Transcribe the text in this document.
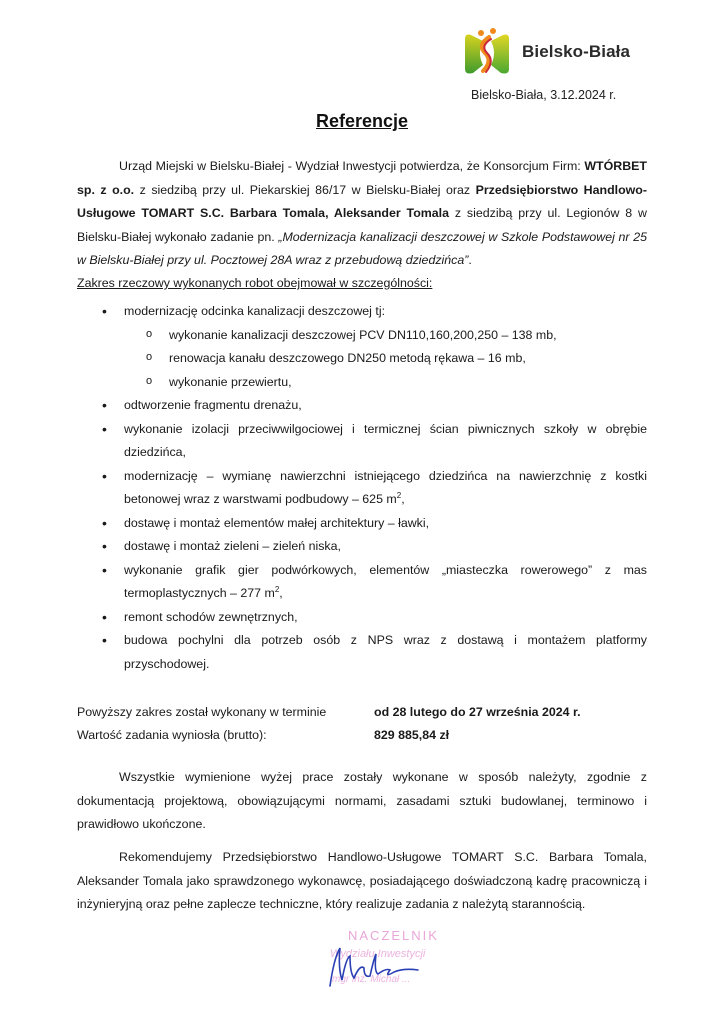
Bielsko-Biała
Bielsko-Biała, 3.12.2024 r.
Referencje
Urząd Miejski w Bielsku-Białej - Wydział Inwestycji potwierdza, że Konsorcjum Firm: WTÓRBET sp. z o.o. z siedzibą przy ul. Piekarskiej 86/17 w Bielsku-Białej oraz Przedsiębiorstwo Handlowo-Usługowe TOMART S.C. Barbara Tomala, Aleksander Tomala z siedzibą przy ul. Legionów 8 w Bielsku-Białej wykonało zadanie pn. „Modernizacja kanalizacji deszczowej w Szkole Podstawowej nr 25 w Bielsku-Białej przy ul. Pocztowej 28A wraz z przebudową dziedzińca”.
Zakres rzeczowy wykonanych robot obejmował w szczególności:
• modernizację odcinka kanalizacji deszczowej tj:
o wykonanie kanalizacji deszczowej PCV DN110,160,200,250 – 138 mb,
o renowacja kanału deszczowego DN250 metodą rękawa – 16 mb,
o wykonanie przewiertu,
• odtworzenie fragmentu drenażu,
• wykonanie izolacji przeciwwilgociowej i termicznej ścian piwnicznych szkoły w obrębie dziedzińca,
• modernizację – wymianę nawierzchni istniejącego dziedzińca na nawierzchnię z kostki betonowej wraz z warstwami podbudowy – 625 $m^2$,
• dostawę i montaż elementów małej architektury – ławki,
• dostawę i montaż zieleni – zieleń niska,
• wykonanie grafik gier podwórkowych, elementów „miasteczka rowerowego” z mas termoplastycznych – 277 $m^2$,
• remont schodów zewnętrznych,
• budowa pochylni dla potrzeb osób z NPS wraz z dostawą i montażem platformy przyschodowej.
Powyższy zakres został wykonany w terminie	od 28 lutego do 27 września 2024 r.
Wartość zadania wyniosła (brutto):	829 885,84 zł
Wszystkie wymienione wyżej prace zostały wykonane w sposób należyty, zgodnie z dokumentacją projektową, obowiązującymi normami, zasadami sztuki budowlanej, terminowo i prawidłowo ukończone.
Rekomendujemy Przedsiębiorstwo Handlowo-Usługowe TOMART S.C. Barbara Tomala, Aleksander Tomala jako sprawdzonego wykonawcę, posiadającego doświadczoną kadrę pracowniczą i inżynieryjną oraz pełne zaplecze techniczne, który realizuje zadania z należytą starannością.
NACZELNIK
Wydziału Inwestycji
mgr inż. Michał ...
